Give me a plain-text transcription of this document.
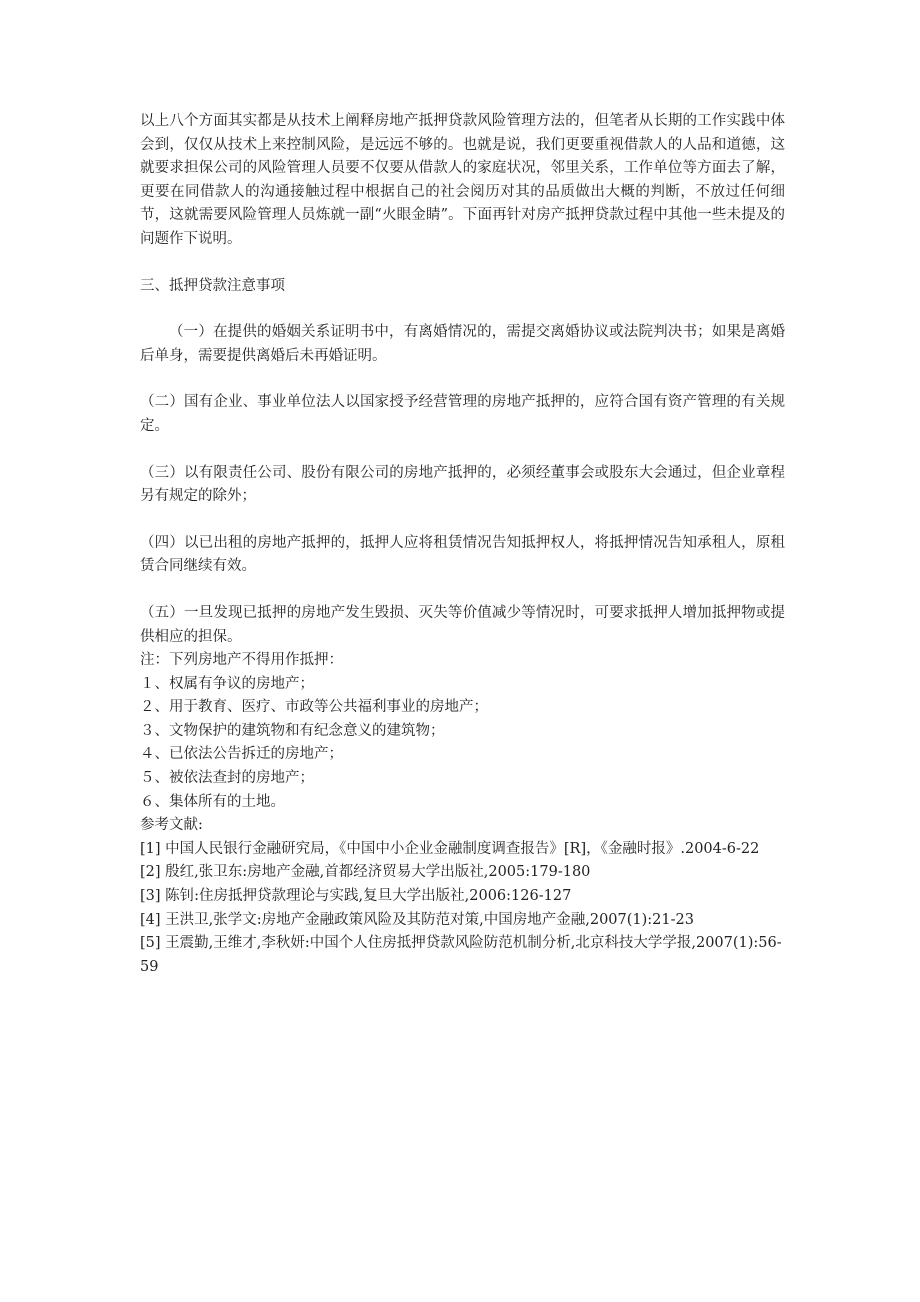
以上八个方面其实都是从技术上阐释房地产抵押贷款风险管理方法的，但笔者从长期的工作实践中体会到，仅仅从技术上来控制风险，是远远不够的。也就是说，我们更要重视借款人的人品和道德，这就要求担保公司的风险管理人员要不仅要从借款人的家庭状况，邻里关系，工作单位等方面去了解，更要在同借款人的沟通接触过程中根据自己的社会阅历对其的品质做出大概的判断，不放过任何细节，这就需要风险管理人员炼就一副“火眼金睛”。下面再针对房产抵押贷款过程中其他一些未提及的问题作下说明。

三、抵押贷款注意事项

（一）在提供的婚姻关系证明书中，有离婚情况的，需提交离婚协议或法院判决书；如果是离婚后单身，需要提供离婚后未再婚证明。

（二）国有企业、事业单位法人以国家授予经营管理的房地产抵押的，应符合国有资产管理的有关规定。

（三）以有限责任公司、股份有限公司的房地产抵押的，必须经董事会或股东大会通过，但企业章程另有规定的除外；

（四）以已出租的房地产抵押的，抵押人应将租赁情况告知抵押权人，将抵押情况告知承租人，原租赁合同继续有效。

（五）一旦发现已抵押的房地产发生毁损、灭失等价值减少等情况时，可要求抵押人增加抵押物或提供相应的担保。

注：下列房地产不得用作抵押：

１、权属有争议的房地产；
２、用于教育、医疗、市政等公共福利事业的房地产；
３、文物保护的建筑物和有纪念意义的建筑物；
４、已依法公告拆迁的房地产；
５、被依法查封的房地产；
６、集体所有的土地。

参考文献:

[1] 中国人民银行金融研究局，《中国中小企业金融制度调查报告》[R]，《金融时报》.2004-6-22
[2] 殷红,张卫东:房地产金融,首都经济贸易大学出版社,2005:179-180
[3] 陈钊:住房抵押贷款理论与实践,复旦大学出版社,2006:126-127
[4] 王洪卫,张学文:房地产金融政策风险及其防范对策,中国房地产金融,2007(1):21-23
[5] 王震勤,王维才,李秋妍:中国个人住房抵押贷款风险防范机制分析,北京科技大学学报,2007(1):56-59
